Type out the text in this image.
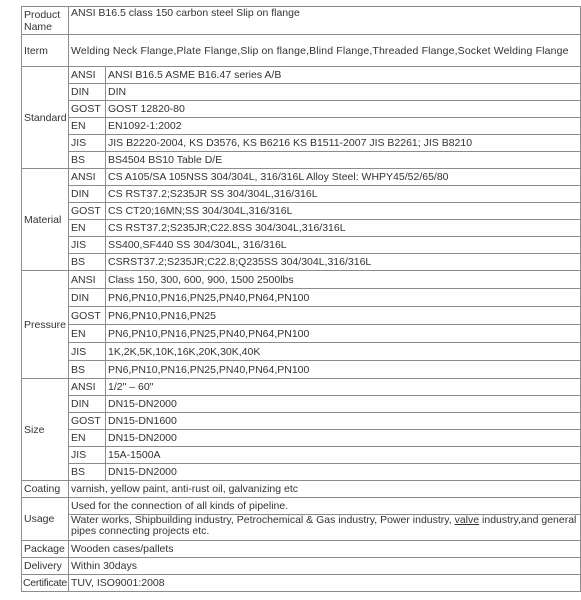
Product Name	ANSI B16.5 class 150 carbon steel Slip on flange	
Iterm	Welding Neck Flange,Plate Flange,Slip on flange,Blind Flange,Threaded Flange,Socket Welding Flange	
Standard	ANSI	ANSI B16.5 ASME B16.47 series A/B
	DIN	DIN
	GOST	GOST 12820-80
	EN	EN1092-1:2002
	JIS	JIS B2220-2004, KS D3576, KS B6216 KS B1511-2007 JIS B2261; JIS B8210
	BS	BS4504 BS10 Table D/E
Material	ANSI	CS A105/SA 105NSS 304/304L, 316/316L Alloy Steel: WHPY45/52/65/80
	DIN	CS RST37.2;S235JR SS 304/304L,316/316L
	GOST	CS CT20;16MN;SS 304/304L,316/316L
	EN	CS RST37.2;S235JR;C22.8SS 304/304L,316/316L
	JIS	SS400,SF440 SS 304/304L, 316/316L
	BS	CSRST37.2;S235JR;C22.8;Q235SS 304/304L,316/316L
Pressure	ANSI	Class 150, 300, 600, 900, 1500 2500lbs
	DIN	PN6,PN10,PN16,PN25,PN40,PN64,PN100
	GOST	PN6,PN10,PN16,PN25
	EN	PN6,PN10,PN16,PN25,PN40,PN64,PN100
	JIS	1K,2K,5K,10K,16K,20K,30K,40K
	BS	PN6,PN10,PN16,PN25,PN40,PN64,PN100
Size	ANSI	1/2" – 60"
	DIN	DN15-DN2000
	GOST	DN15-DN1600
	EN	DN15-DN2000
	JIS	15A-1500A
	BS	DN15-DN2000
Coating	varnish, yellow paint, anti-rust oil, galvanizing etc	
Usage	Used for the connection of all kinds of pipeline.	
	Water works, Shipbuilding industry, Petrochemical & Gas industry, Power industry, valve industry,and general pipes connecting projects etc.	
Package	Wooden cases/pallets	
Delivery	Within 30days	
Certificate	TUV, ISO9001:2008	
